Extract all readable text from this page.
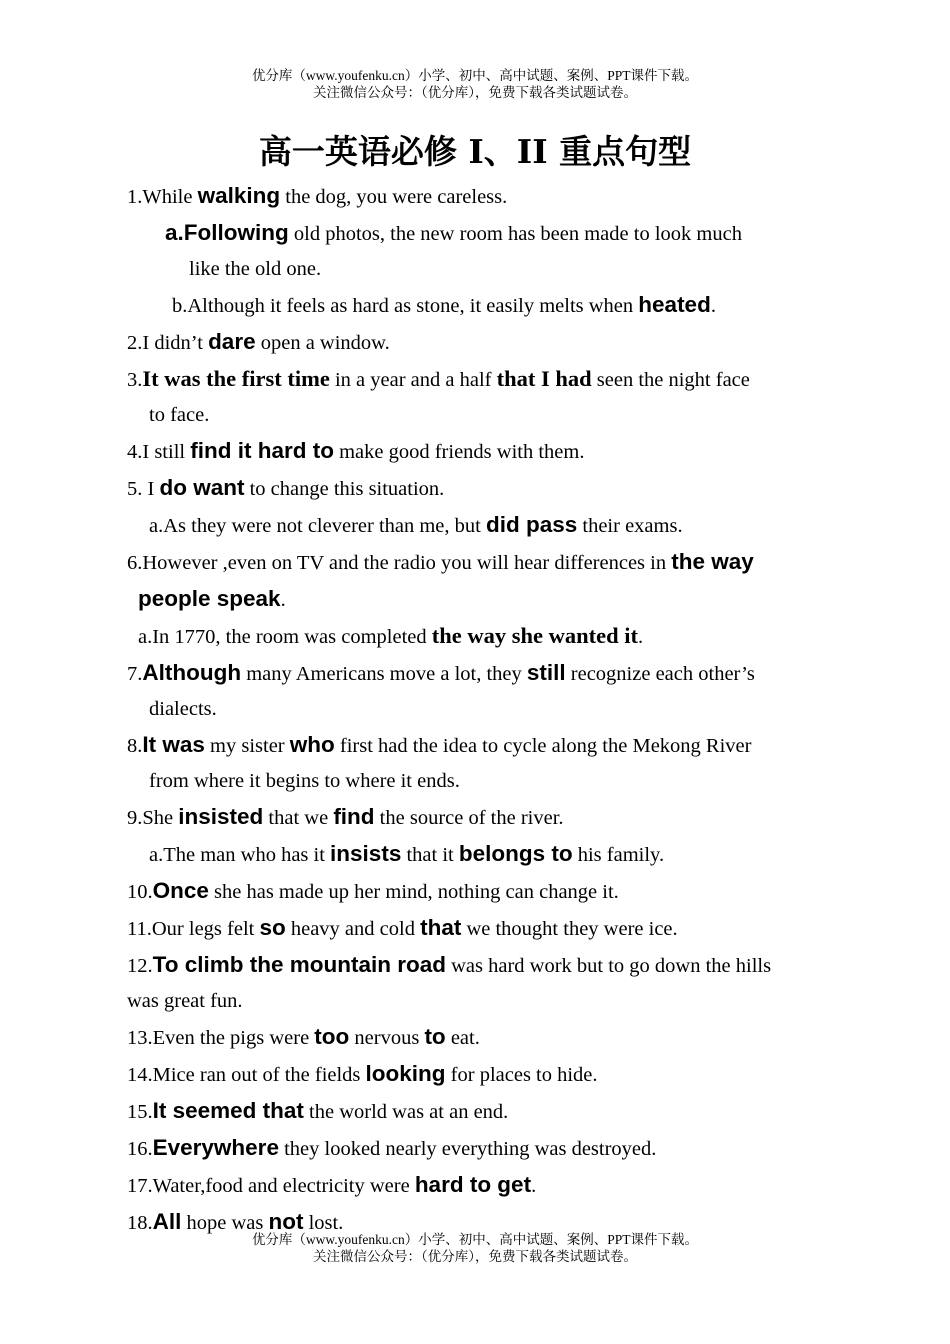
优分库（www.youfenku.cn）小学、初中、高中试题、案例、PPT课件下载。
关注微信公众号：（优分库），免费下载各类试题试卷。
高一英语必修 I、II 重点句型
1.While walking the dog, you were careless.
a.Following old photos, the new room has been made to look much
like the old one.
b.Although it feels as hard as stone, it easily melts when heated.
2.I didn’t dare open a window.
3.It was the first time in a year and a half that I had seen the night face
to face.
4.I still find it hard to make good friends with them.
5. I do want to change this situation.
a.As they were not cleverer than me, but did pass their exams.
6.However ,even on TV and the radio you will hear differences in the way
people speak.
a.In 1770, the room was completed the way she wanted it.
7.Although many Americans move a lot, they still recognize each other’s
dialects.
8.It was my sister who first had the idea to cycle along the Mekong River
from where it begins to where it ends.
9.She insisted that we find the source of the river.
a.The man who has it insists that it belongs to his family.
10.Once she has made up her mind, nothing can change it.
11.Our legs felt so heavy and cold that we thought they were ice.
12.To climb the mountain road was hard work but to go down the hills
was great fun.
13.Even the pigs were too nervous to eat.
14.Mice ran out of the fields looking for places to hide.
15.It seemed that the world was at an end.
16.Everywhere they looked nearly everything was destroyed.
17.Water,food and electricity were hard to get.
18.All hope was not lost.
优分库（www.youfenku.cn）小学、初中、高中试题、案例、PPT课件下载。
关注微信公众号：（优分库），免费下载各类试题试卷。
